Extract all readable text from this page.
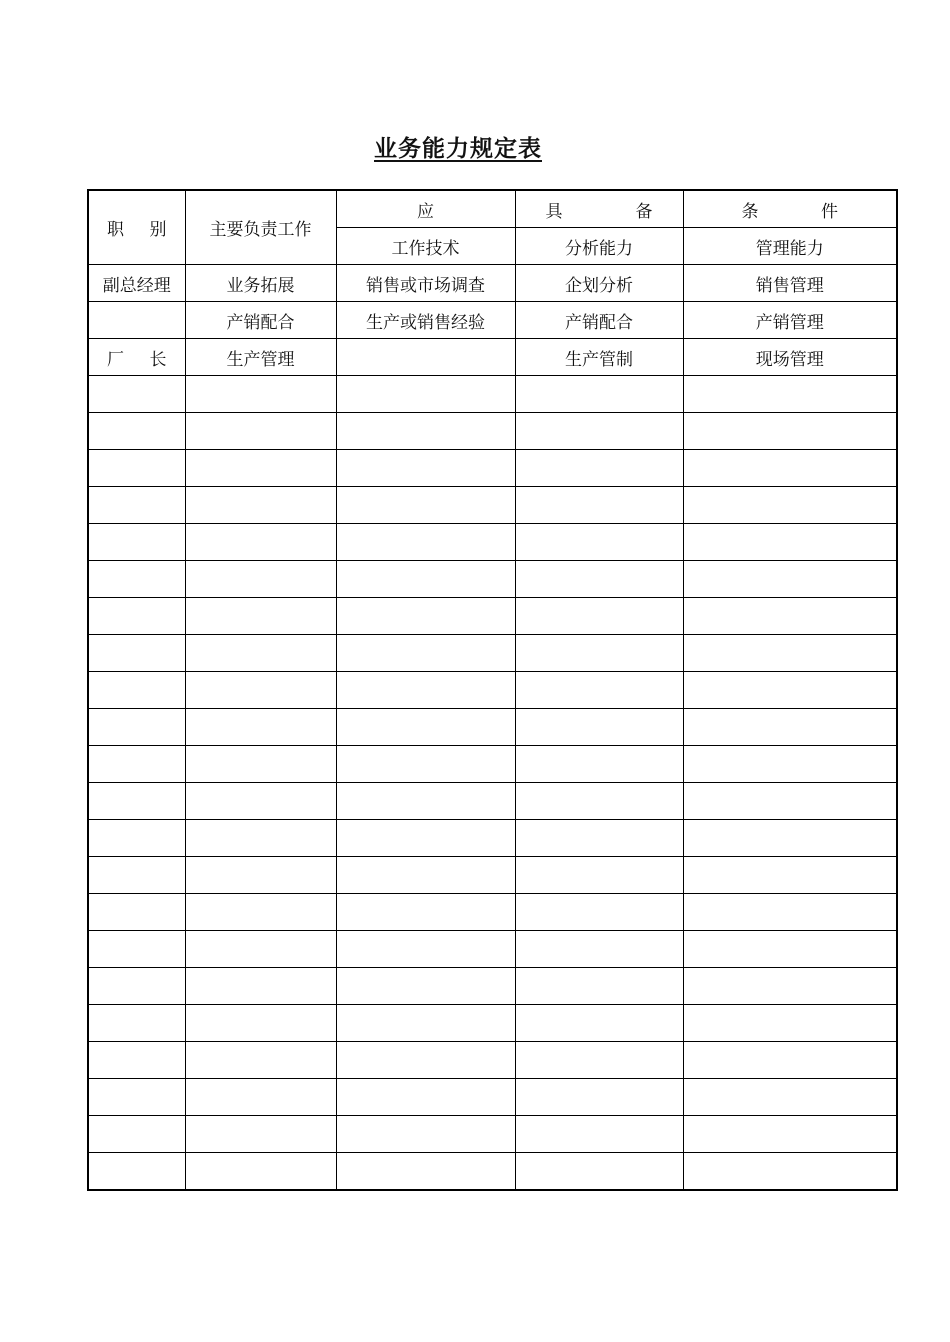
业务能力规定表
职 别	主要负责工作	应	具 备	条 件

		工作技术	分析能力	管理能力
副总经理	业务拓展	销售或市场调查	企划分析	销售管理
	产销配合	生产或销售经验	产销配合	产销管理

厂 长	生产管理		生产管制	现场管理
